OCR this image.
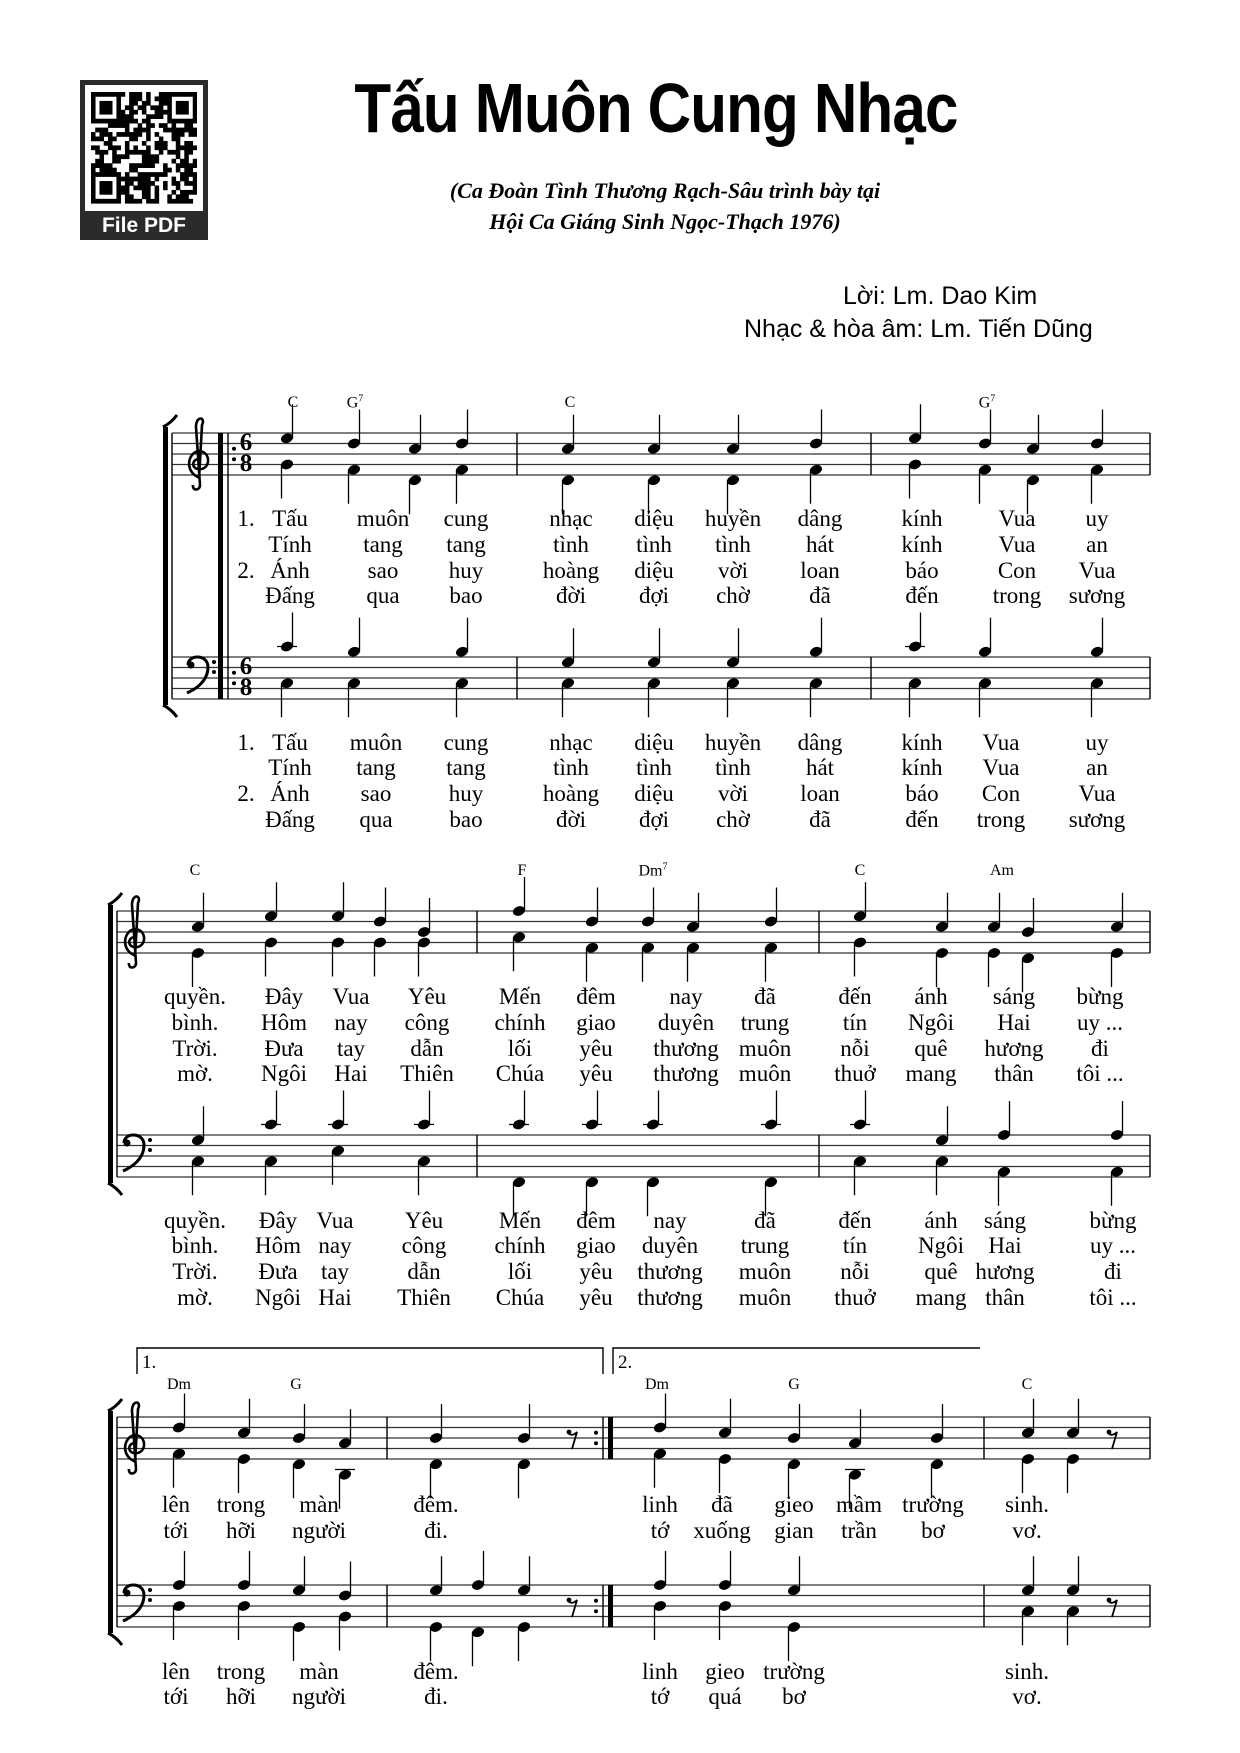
File PDF
Tấu Muôn Cung Nhạc
(Ca Đoàn Tình Thương Rạch-Sâu trình bày tại
Hội Ca Giáng Sinh Ngọc-Thạch 1976)
Lời: Lm. Dao Kim
Nhạc & hòa âm: Lm. Tiến Dũng
6
8
6
8
C	$G^7$	C	$G^7$
1. Tấu muôn cung	nhạc diệu huyền dâng	kính Vua uy
Tính tang tang	tình tình tình hát	kính Vua an
2. Ánh	sao huy	hoàng diệu vời loan	báo	Con Vua
Đấng qua bao	đời đợi chờ	đã	đến trong sương
1. Tấu muôn cung	nhạc diệu huyền dâng	kính Vua	uy
Tính tang tang	tình tình tình hát	kính Vua	an
2. Ánh sao huy	hoàng diệu vời loan	báo Con	Vua
Đấng qua bao	đời đợi chờ	đã	đến trong sương
C	F	Dm$^7$	C	Am
quyền. Đây Vua Yêu Mến đêm nay đã	đến ánh sáng bừng
bình. Hôm nay công chính giao duyên trung tín Ngôi Hai uy ...
Trời. Đưa tay dẫn	lối yêu thương muôn nỗi quê hương đi
mờ. Ngôi Hai Thiên Chúa yêu thương muôn thuở mang thân tôi ...
quyền. Đây Vua Yêu Mến đêm nay	đã	đến ánh sáng	bừng
bình. Hôm nay công chính giao duyên trung tín Ngôi Hai	uy ...
Trời. Đưa tay	dẫn	lối yêu thương muôn nỗi quê hương	đi
mờ. Ngôi Hai Thiên Chúa yêu thương muôn thuở mang thân	tôi ...
1.	2.
Dm	G	Dm	G	C
lên trong màn	đêm.	linh đã gieo mầm trường sinh.
tới hỡi người	đi.	tớ xuống gian trần bơ	vơ.
lên trong màn	đêm.	linh gieo trường	sinh.
tới hỡi người	đi.	tớ quá bơ	vơ.
